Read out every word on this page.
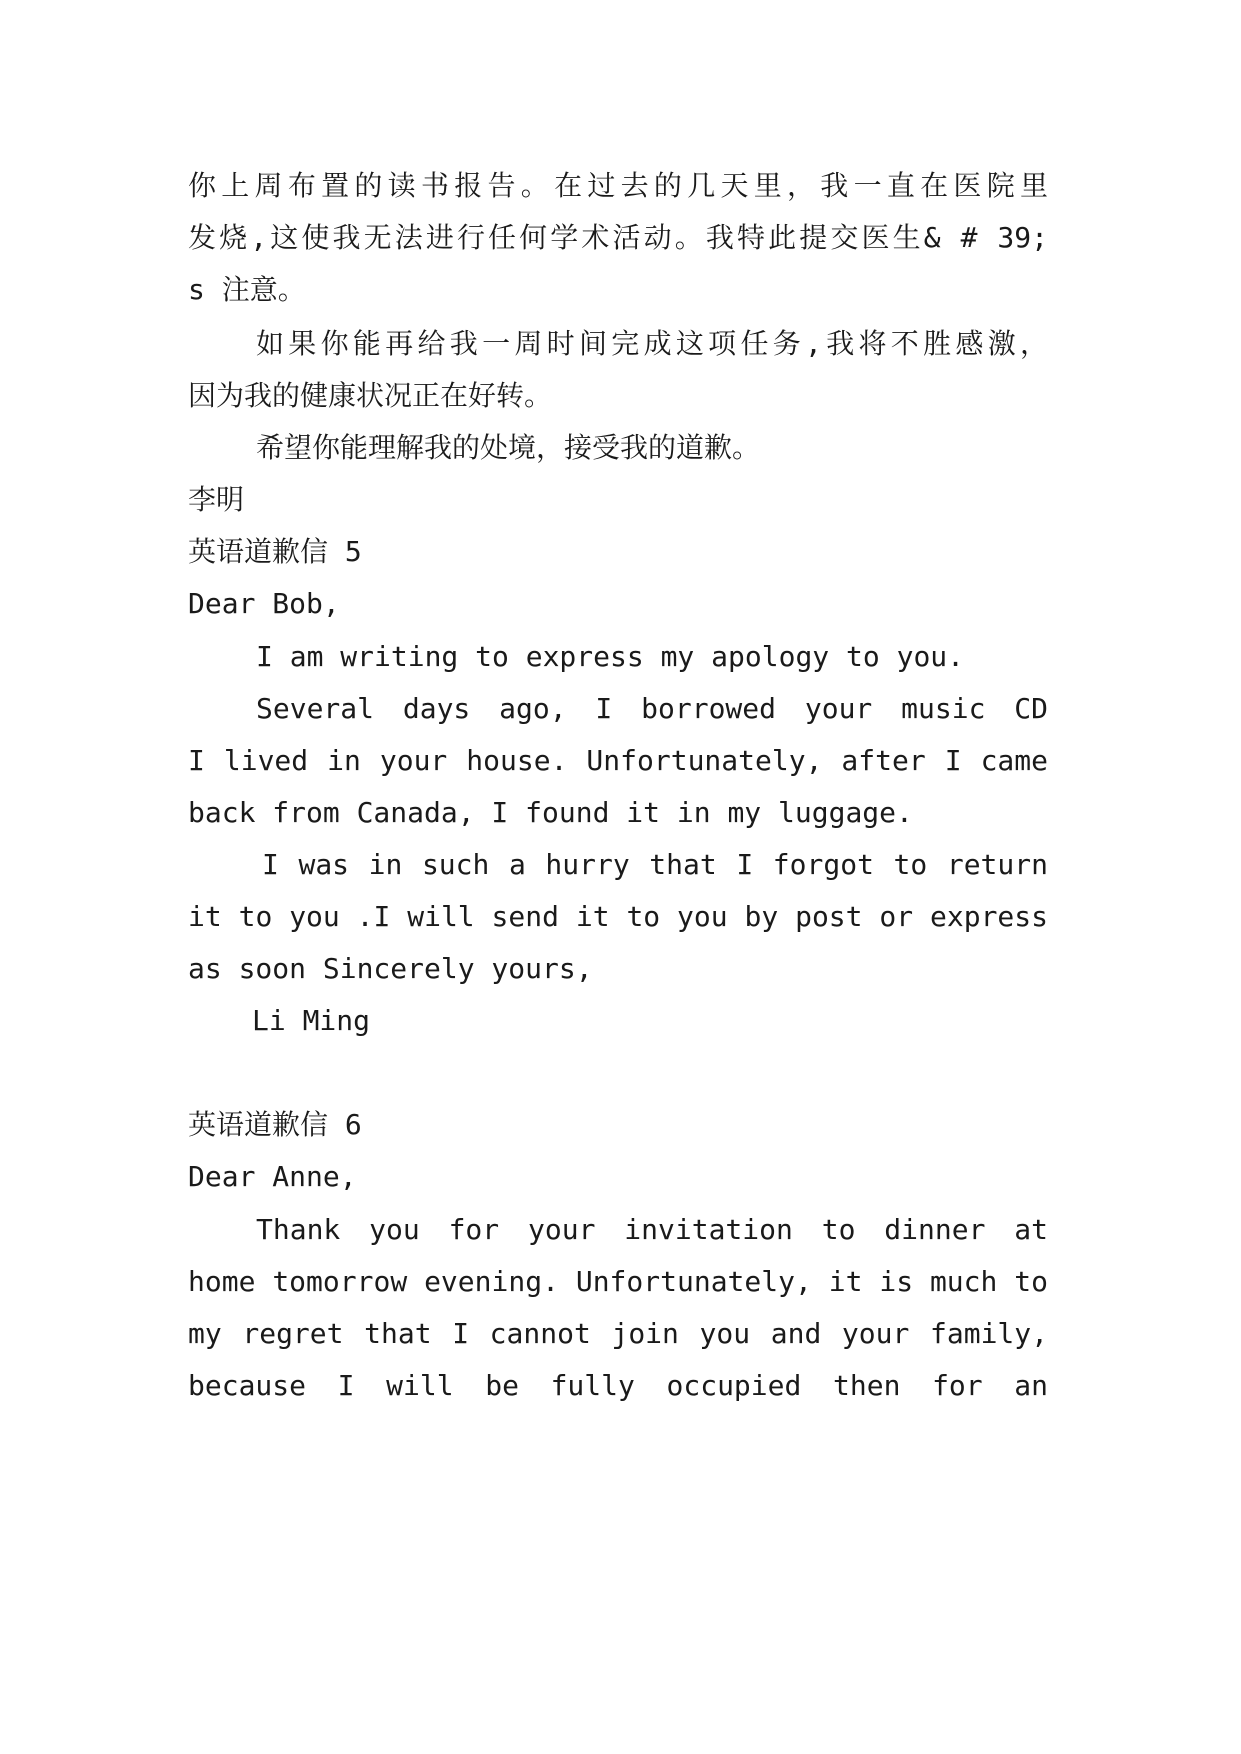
你上周布置的读书报告。在过去的几天里，我一直在医院里
发烧,这使我无法进行任何学术活动。我特此提交医生& # 39;
s 注意。
如果你能再给我一周时间完成这项任务,我将不胜感激，
因为我的健康状况正在好转。
希望你能理解我的处境，接受我的道歉。
李明
英语道歉信 5
Dear Bob,
I am writing to express my apology to you.
Several days ago, I borrowed your music CD
I lived in your house. Unfortunately, after I came
back from Canada, I found it in my luggage.
I was in such a hurry that I forgot to return
it to you .I will send it to you by post or express
as soon Sincerely yours,
Li Ming
英语道歉信 6
Dear Anne,
Thank you for your invitation to dinner at
home tomorrow evening. Unfortunately, it is much to
my regret that I cannot join you and your family,
because I will be fully occupied then for an
